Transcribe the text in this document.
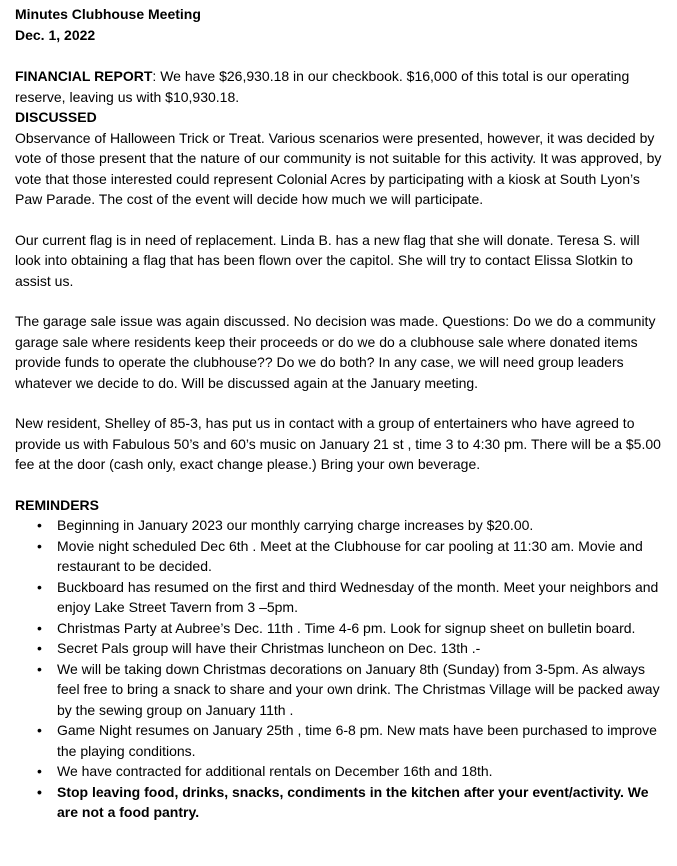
Minutes Clubhouse Meeting

Dec. 1, 2022

FINANCIAL REPORT: We have $26,930.18 in our checkbook. $16,000 of this total is our operating reserve, leaving us with $10,930.18.

DISCUSSED

Observance of Halloween Trick or Treat. Various scenarios were presented, however, it was decided by vote of those present that the nature of our community is not suitable for this activity. It was approved, by vote that those interested could represent Colonial Acres by participating with a kiosk at South Lyon’s Paw Parade. The cost of the event will decide how much we will participate.

Our current flag is in need of replacement. Linda B. has a new flag that she will donate. Teresa S. will look into obtaining a flag that has been flown over the capitol. She will try to contact Elissa Slotkin to assist us.

The garage sale issue was again discussed. No decision was made. Questions: Do we do a community garage sale where residents keep their proceeds or do we do a clubhouse sale where donated items provide funds to operate the clubhouse?? Do we do both? In any case, we will need group leaders whatever we decide to do. Will be discussed again at the January meeting.

New resident, Shelley of 85-3, has put us in contact with a group of entertainers who have agreed to provide us with Fabulous 50’s and 60’s music on January 21 st , time 3 to 4:30 pm. There will be a $5.00 fee at the door (cash only, exact change please.) Bring your own beverage.

REMINDERS

• Beginning in January 2023 our monthly carrying charge increases by $20.00.
• Movie night scheduled Dec 6th . Meet at the Clubhouse for car pooling at 11:30 am. Movie and restaurant to be decided.
• Buckboard has resumed on the first and third Wednesday of the month. Meet your neighbors and enjoy Lake Street Tavern from 3 –5pm.
• Christmas Party at Aubree’s Dec. 11th . Time 4-6 pm. Look for signup sheet on bulletin board.
• Secret Pals group will have their Christmas luncheon on Dec. 13th .-
• We will be taking down Christmas decorations on January 8th (Sunday) from 3-5pm. As always feel free to bring a snack to share and your own drink. The Christmas Village will be packed away by the sewing group on January 11th .
• Game Night resumes on January 25th , time 6-8 pm. New mats have been purchased to improve the playing conditions.
• We have contracted for additional rentals on December 16th and 18th.
• Stop leaving food, drinks, snacks, condiments in the kitchen after your event/activity. We are not a food pantry.
